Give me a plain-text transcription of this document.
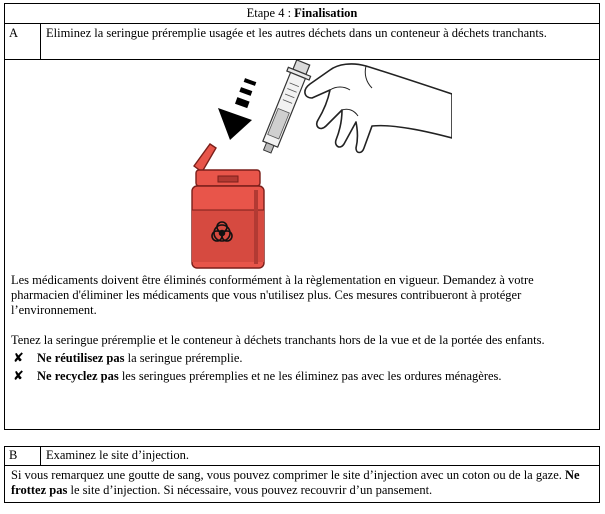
Etape 4 : Finalisation
A	Eliminez la seringue préremplie usagée et les autres déchets dans un conteneur à déchets tranchants.

Les médicaments doivent être éliminés conformément à la règlementation en vigueur. Demandez à votre pharmacien d'éliminer les médicaments que vous n'utilisez plus. Ces mesures contribueront à protéger l’environnement.

Tenez la seringue préremplie et le conteneur à déchets tranchants hors de la vue et de la portée des enfants.

✘	Ne réutilisez pas la seringue préremplie.
✘	Ne recyclez pas les seringues préremplies et ne les éliminez pas avec les ordures ménagères.
B	Examinez le site d’injection.
Si vous remarquez une goutte de sang, vous pouvez comprimer le site d’injection avec un coton ou de la gaze. Ne frottez pas le site d’injection. Si nécessaire, vous pouvez recouvrir d’un pansement.
